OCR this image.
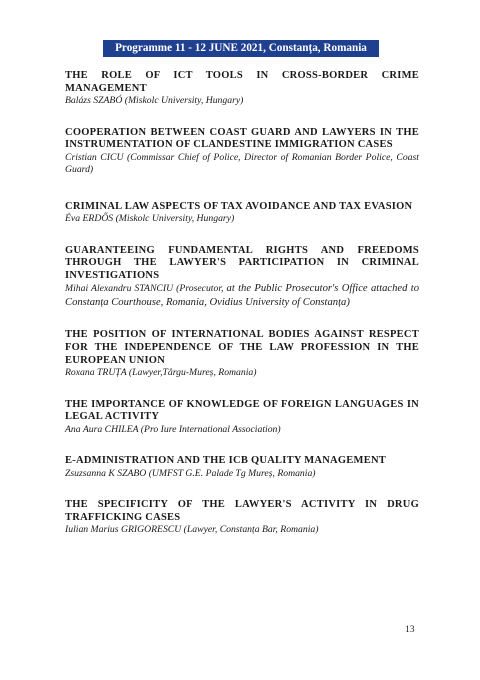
Programme 11 - 12 JUNE 2021, Constanța, Romania
THE ROLE OF ICT TOOLS IN CROSS-BORDER CRIME MANAGEMENT
Balázs SZABÓ (Miskolc University, Hungary)
COOPERATION BETWEEN COAST GUARD AND LAWYERS IN THE INSTRUMENTATION OF CLANDESTINE IMMIGRATION CASES
Cristian CICU (Commissar Chief of Police, Director of Romanian Border Police, Coast Guard)
CRIMINAL LAW ASPECTS OF TAX AVOIDANCE AND TAX EVASION
Éva ERDŐS (Miskolc University, Hungary)
GUARANTEEING FUNDAMENTAL RIGHTS AND FREEDOMS THROUGH THE LAWYER'S PARTICIPATION IN CRIMINAL INVESTIGATIONS
Mihai Alexandru STANCIU (Prosecutor, at the Public Prosecutor's Office attached to Constanța Courthouse, Romania, Ovidius University of Constanța)
THE POSITION OF INTERNATIONAL BODIES AGAINST RESPECT FOR THE INDEPENDENCE OF THE LAW PROFESSION IN THE EUROPEAN UNION
Roxana TRUȚA (Lawyer,Târgu-Mureș, Romania)
THE IMPORTANCE OF KNOWLEDGE OF FOREIGN LANGUAGES IN LEGAL ACTIVITY
Ana Aura CHILEA (Pro Iure International Association)
E-ADMINISTRATION AND THE ICB QUALITY MANAGEMENT
Zsuzsanna K SZABO (UMFST G.E. Palade Tg Mureș, Romania)
THE SPECIFICITY OF THE LAWYER'S ACTIVITY IN DRUG TRAFFICKING CASES
Iulian Marius GRIGORESCU (Lawyer, Constanța Bar, Romania)
13
